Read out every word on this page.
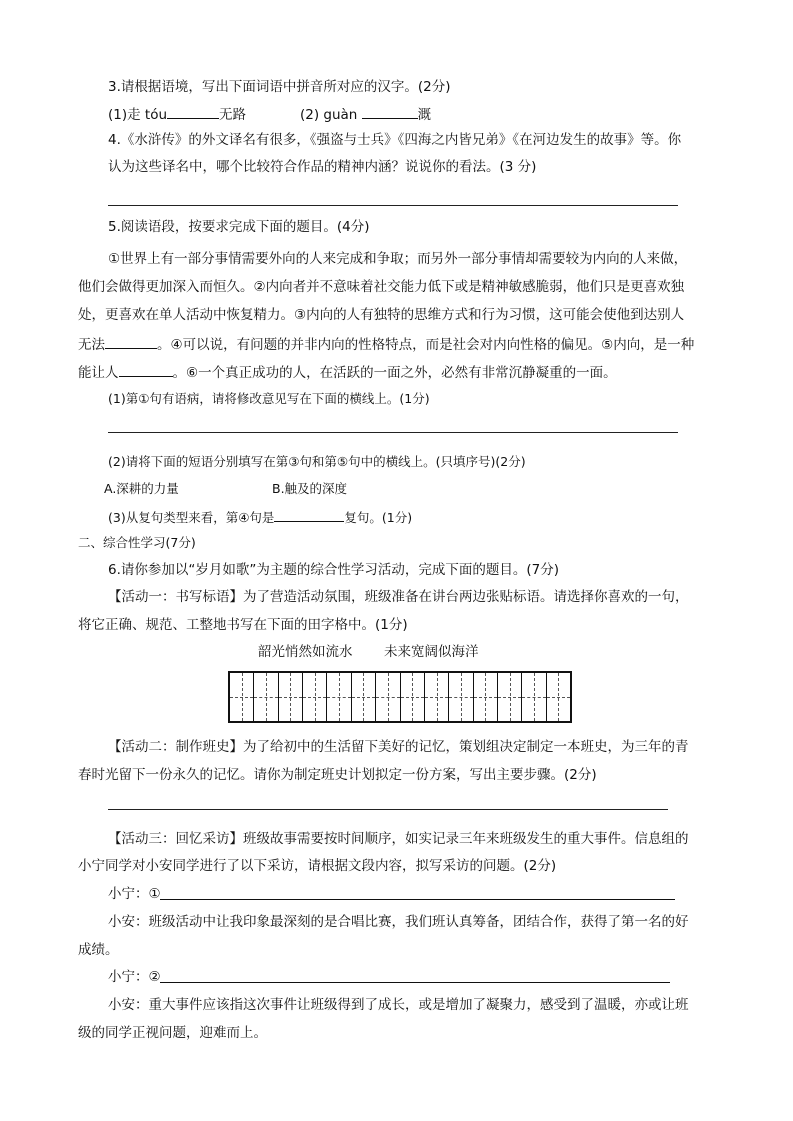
3.请根据语境，写出下面词语中拼音所对应的汉字。(2分)
(1)走 tóu	无路	(2) guàn	溉
4.《水浒传》的外文译名有很多，《强盗与士兵》《四海之内皆兄弟》《在河边发生的故事》等。你
认为这些译名中，哪个比较符合作品的精神内涵？说说你的看法。(3 分)
5.阅读语段，按要求完成下面的题目。(4分)
①世界上有一部分事情需要外向的人来完成和争取；而另外一部分事情却需要较为内向的人来做，
他们会做得更加深入而恒久。②内向者并不意味着社交能力低下或是精神敏感脆弱，他们只是更喜欢独
处，更喜欢在单人活动中恢复精力。③内向的人有独特的思维方式和行为习惯，这可能会使他到达别人
无法	。④可以说，有问题的并非内向的性格特点，而是社会对内向性格的偏见。⑤内向，是一种
能让人	。⑥一个真正成功的人，在活跃的一面之外，必然有非常沉静凝重的一面。
(1)第①句有语病，请将修改意见写在下面的横线上。(1分)
(2)请将下面的短语分别填写在第③句和第⑤句中的横线上。(只填序号)(2分)
A.深耕的力量	B.触及的深度
(3)从复句类型来看，第④句是	复句。(1分)
二、综合性学习(7分)
6.请你参加以“岁月如歌”为主题的综合性学习活动，完成下面的题目。(7分)
【活动一：书写标语】为了营造活动氛围，班级准备在讲台两边张贴标语。请选择你喜欢的一句，
将它正确、规范、工整地书写在下面的田字格中。(1分)
韶光悄然如流水 未来宽阔似海洋
【活动二：制作班史】为了给初中的生活留下美好的记忆，策划组决定制定一本班史，为三年的青
春时光留下一份永久的记忆。请你为制定班史计划拟定一份方案，写出主要步骤。(2分)
【活动三：回忆采访】班级故事需要按时间顺序，如实记录三年来班级发生的重大事件。信息组的
小宁同学对小安同学进行了以下采访，请根据文段内容，拟写采访的问题。(2分)
小宁：①
小安：班级活动中让我印象最深刻的是合唱比赛，我们班认真筹备，团结合作，获得了第一名的好
成绩。
小宁：②
小安：重大事件应该指这次事件让班级得到了成长，或是增加了凝聚力，感受到了温暖，亦或让班
级的同学正视问题，迎难而上。
